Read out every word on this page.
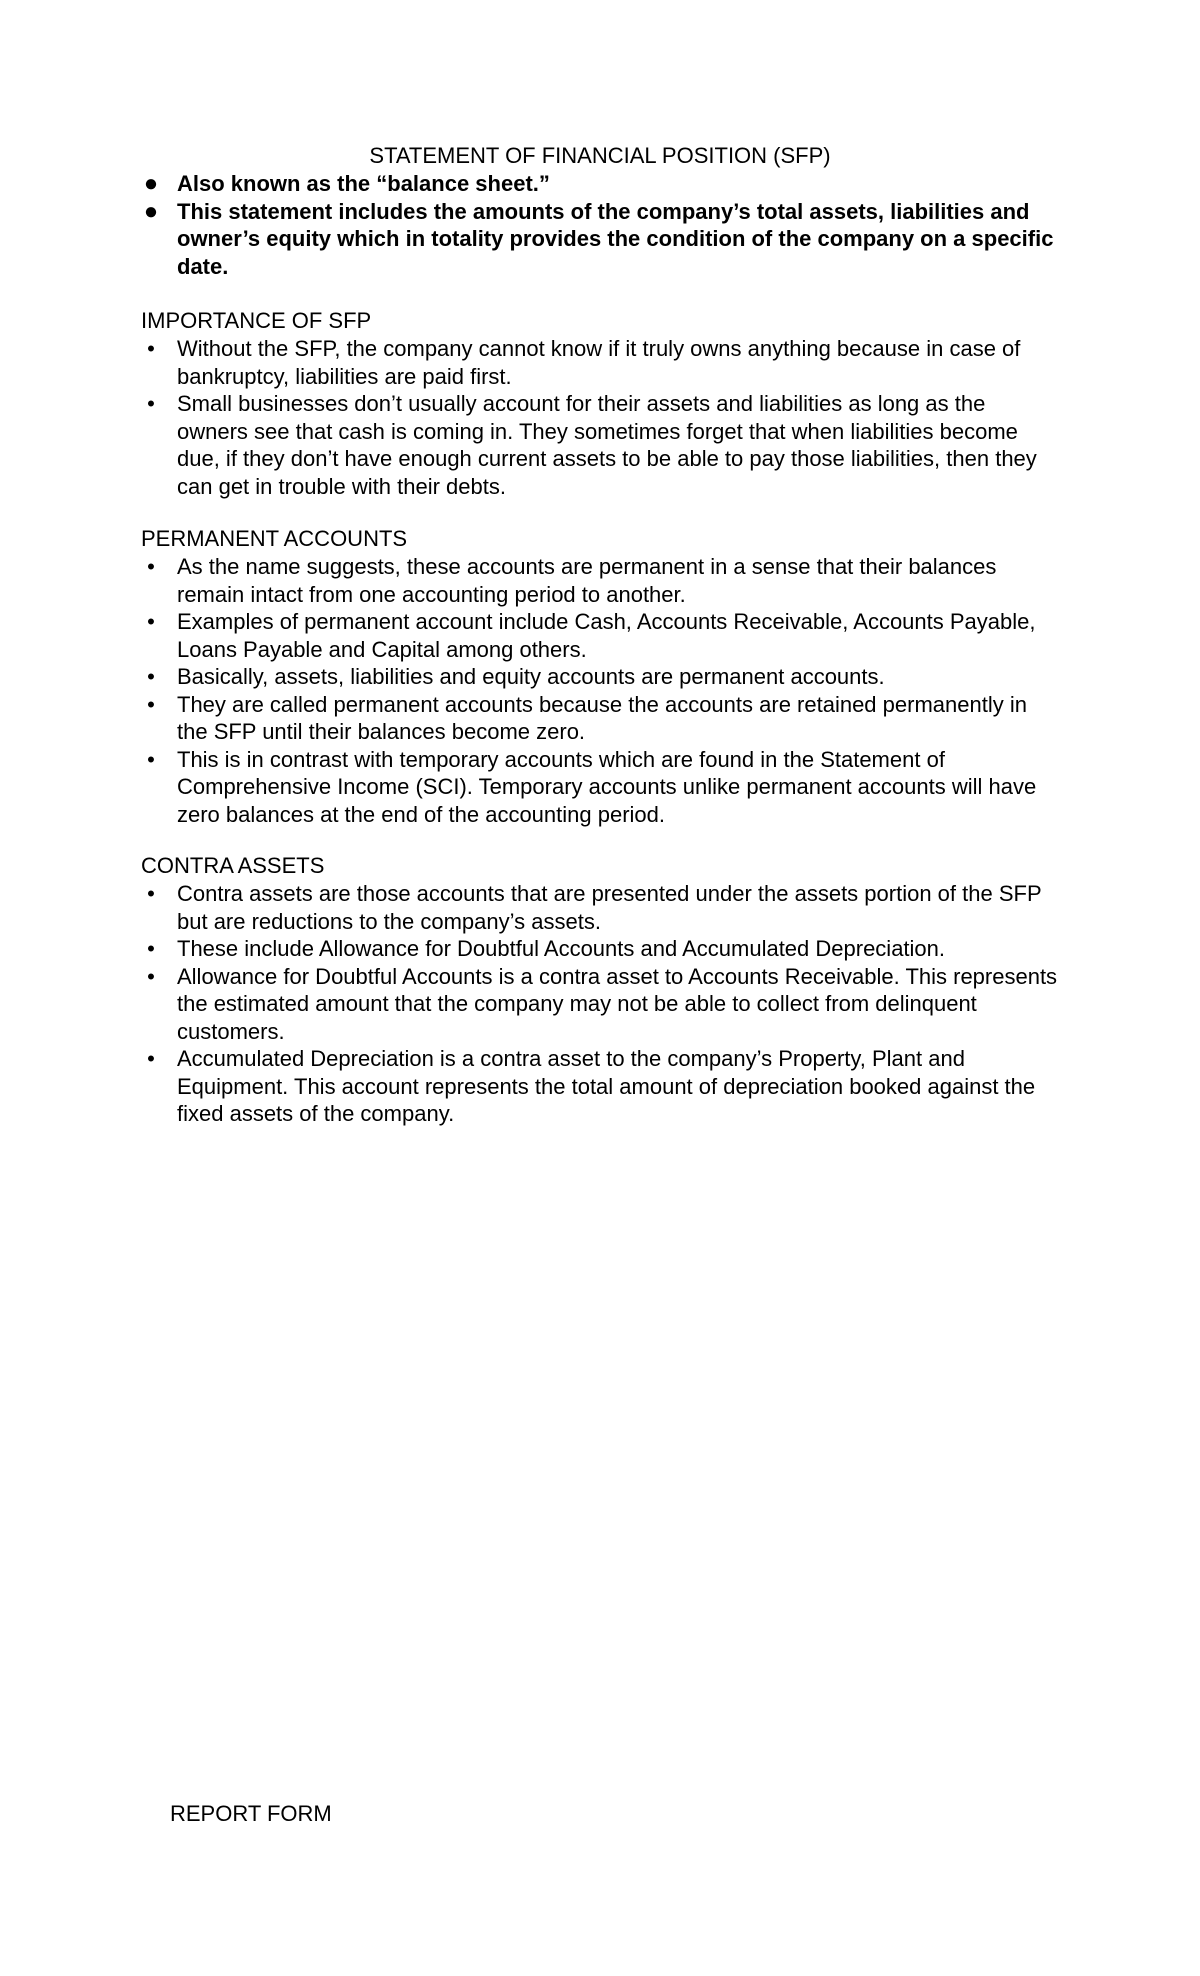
STATEMENT OF FINANCIAL POSITION (SFP)
● Also known as the “balance sheet.”
● This statement includes the amounts of the company’s total assets, liabilities and owner’s equity which in totality provides the condition of the company on a specific date.
IMPORTANCE OF SFP
• Without the SFP, the company cannot know if it truly owns anything because in case of bankruptcy, liabilities are paid first.
• Small businesses don’t usually account for their assets and liabilities as long as the owners see that cash is coming in. They sometimes forget that when liabilities become due, if they don’t have enough current assets to be able to pay those liabilities, then they can get in trouble with their debts.
PERMANENT ACCOUNTS
• As the name suggests, these accounts are permanent in a sense that their balances remain intact from one accounting period to another.
• Examples of permanent account include Cash, Accounts Receivable, Accounts Payable, Loans Payable and Capital among others.
• Basically, assets, liabilities and equity accounts are permanent accounts.
• They are called permanent accounts because the accounts are retained permanently in the SFP until their balances become zero.
• This is in contrast with temporary accounts which are found in the Statement of Comprehensive Income (SCI). Temporary accounts unlike permanent accounts will have zero balances at the end of the accounting period.
CONTRA ASSETS
• Contra assets are those accounts that are presented under the assets portion of the SFP but are reductions to the company’s assets.
• These include Allowance for Doubtful Accounts and Accumulated Depreciation.
• Allowance for Doubtful Accounts is a contra asset to Accounts Receivable. This represents the estimated amount that the company may not be able to collect from delinquent customers.
• Accumulated Depreciation is a contra asset to the company’s Property, Plant and Equipment. This account represents the total amount of depreciation booked against the fixed assets of the company.
REPORT FORM
